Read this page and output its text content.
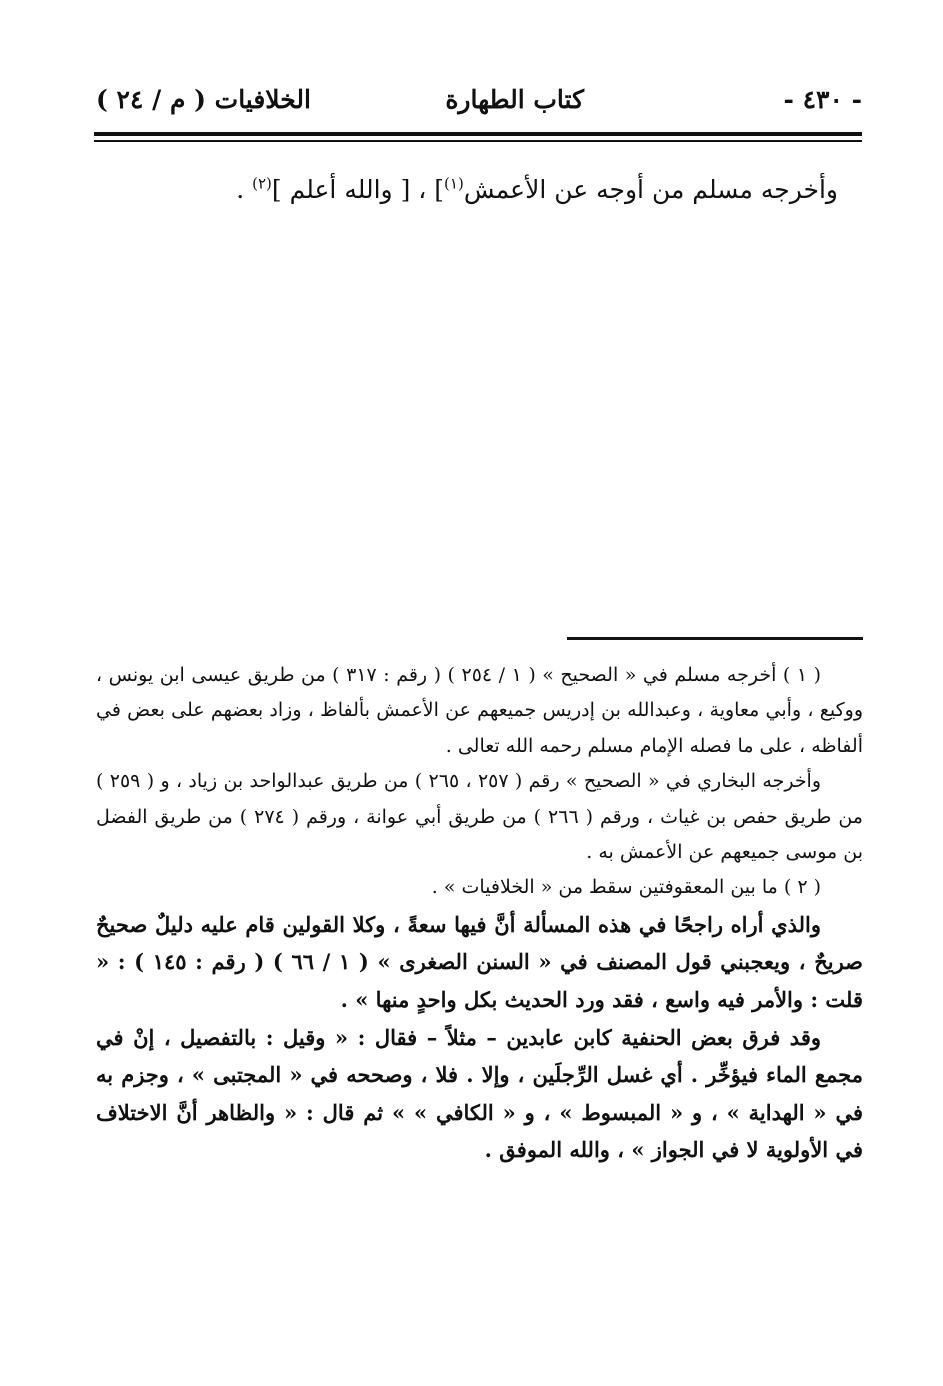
- ٤٣٠ -
كتاب الطهارة
الخلافيات ( م / ٢٤ )
وأخرجه مسلم من أوجه عن الأعمش$^{(١)}$] ، [ والله أعلم ]$^{(٢)}$ .

( ١ ) أخرجه مسلم في « الصحيح » ( ١ / ٢٥٤ ) ( رقم : ٣١٧ ) من طريق عيسى ابن يونس ، ووكيع ، وأبي معاوية ، وعبدالله بن إدريس جميعهم عن الأعمش بألفاظ ، وزاد بعضهم على بعض في ألفاظه ، على ما فصله الإمام مسلم رحمه الله تعالى .

وأخرجه البخاري في « الصحيح » رقم ( ٢٥٧ ، ٢٦٥ ) من طريق عبدالواحد بن زياد ، و ( ٢٥٩ ) من طريق حفص بن غياث ، ورقم ( ٢٦٦ ) من طريق أبي عوانة ، ورقم ( ٢٧٤ ) من طريق الفضل بن موسى جميعهم عن الأعمش به .

( ٢ ) ما بين المعقوفتين سقط من « الخلافيات » .

والذي أراه راجحًا في هذه المسألة أنَّ فيها سعةً ، وكلا القولين قام عليه دليلٌ صحيحٌ صريحٌ ، ويعجبني قول المصنف في « السنن الصغرى » ( ١ / ٦٦ ) ( رقم : ١٤٥ ) : « قلت : والأمر فيه واسع ، فقد ورد الحديث بكل واحدٍ منها » .

وقد فرق بعض الحنفية كابن عابدين – مثلاً – فقال : « وقيل : بالتفصيل ، إنْ في مجمع الماء فيؤخِّر . أي غسل الرِّجلَين ، وإلا . فلا ، وصححه في « المجتبى » ، وجزم به في « الهداية » ، و « المبسوط » ، و « الكافي » » ثم قال : « والظاهر أنَّ الاختلاف في الأولوية لا في الجواز » ، والله الموفق .
